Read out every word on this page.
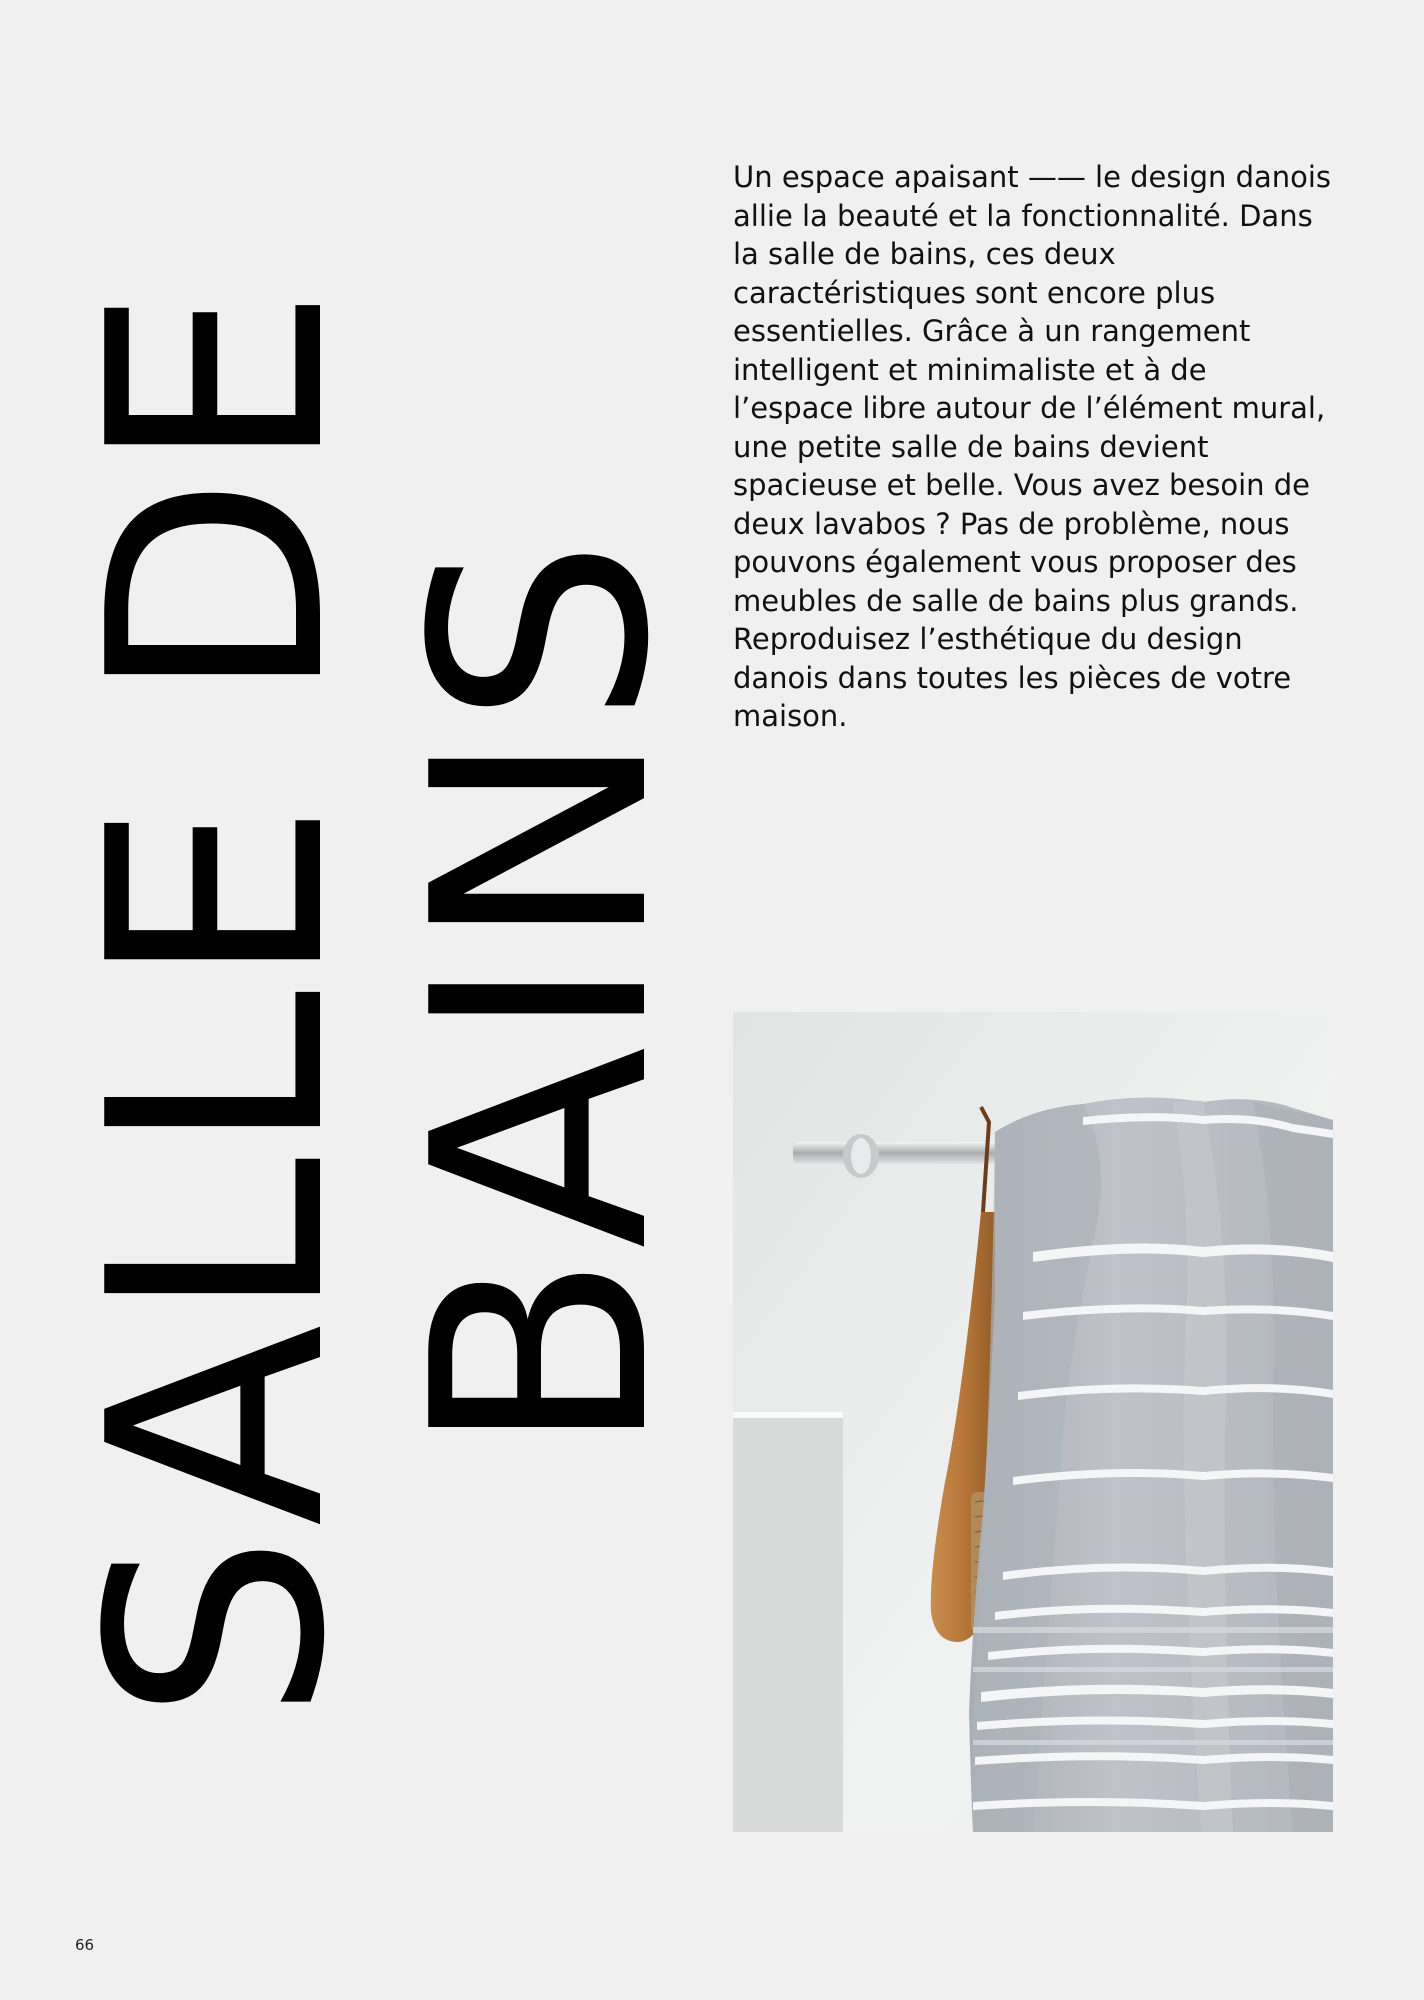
SALLE DE
BAINS

Un espace apaisant —— le design danois allie la beauté et la fonctionnalité. Dans la salle de bains, ces deux caractéristiques sont encore plus essentielles. Grâce à un rangement intelligent et minimaliste et à de l’espace libre autour de l’élément mural, une petite salle de bains devient spacieuse et belle. Vous avez besoin de deux lavabos ? Pas de problème, nous pouvons également vous proposer des meubles de salle de bains plus grands. Reproduisez l’esthétique du design danois dans toutes les pièces de votre maison.

66
